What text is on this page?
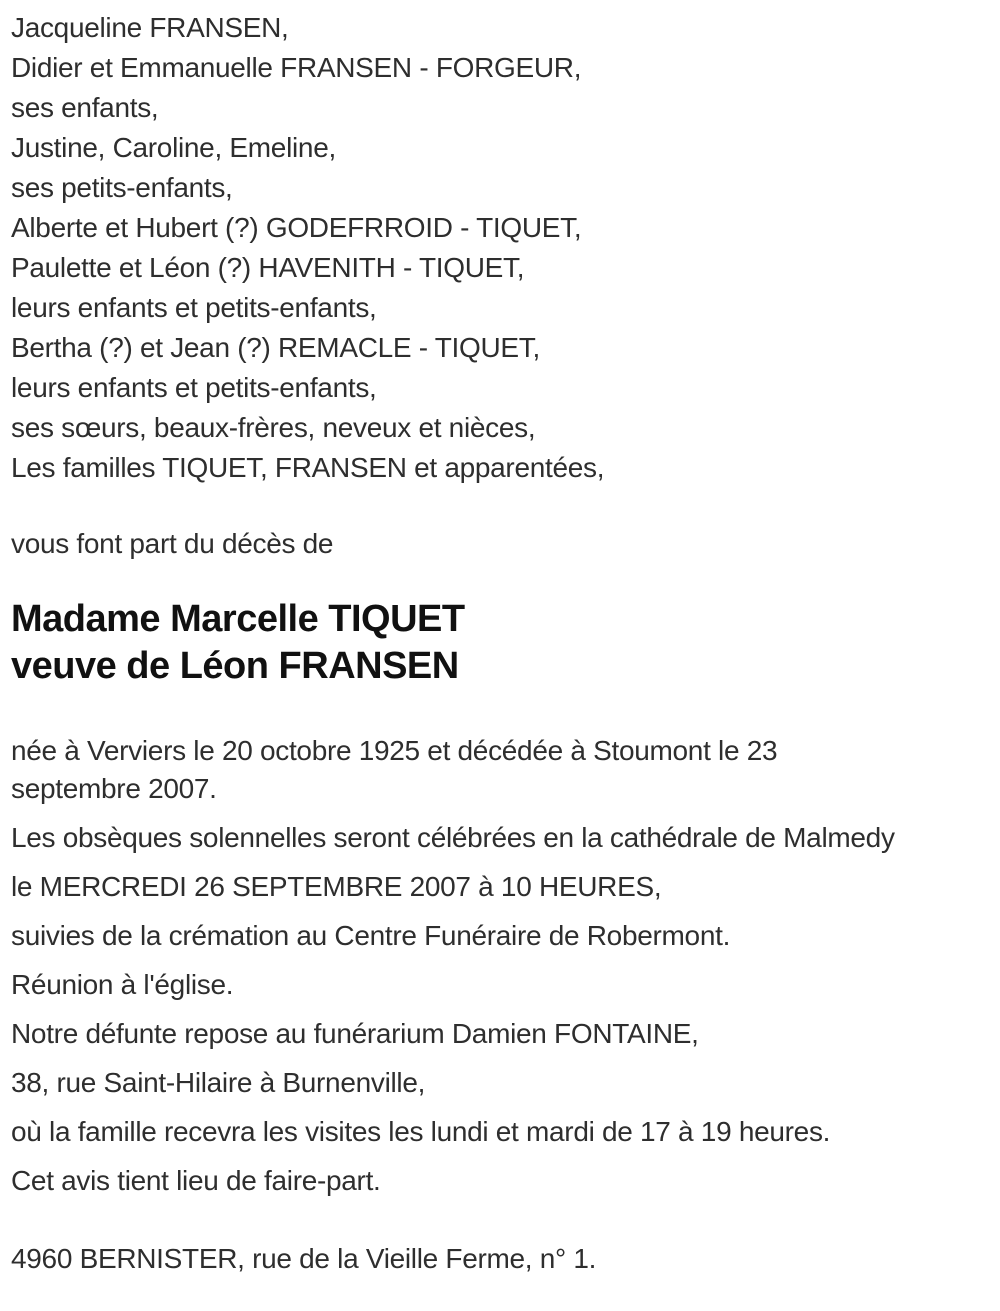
Jacqueline FRANSEN,
Didier et Emmanuelle FRANSEN - FORGEUR,
ses enfants,
Justine, Caroline, Emeline,
ses petits-enfants,
Alberte et Hubert (?) GODEFRROID - TIQUET,
Paulette et Léon (?) HAVENITH - TIQUET,
leurs enfants et petits-enfants,
Bertha (?) et Jean (?) REMACLE - TIQUET,
leurs enfants et petits-enfants,
ses sœurs, beaux-frères, neveux et nièces,
Les familles TIQUET, FRANSEN et apparentées,
vous font part du décès de
Madame Marcelle TIQUET
veuve de Léon FRANSEN

née à Verviers le 20 octobre 1925 et décédée à Stoumont le 23 septembre 2007.

Les obsèques solennelles seront célébrées en la cathédrale de Malmedy

le MERCREDI 26 SEPTEMBRE 2007 à 10 HEURES,

suivies de la crémation au Centre Funéraire de Robermont.

Réunion à l'église.

Notre défunte repose au funérarium Damien FONTAINE,

38, rue Saint-Hilaire à Burnenville,

où la famille recevra les visites les lundi et mardi de 17 à 19 heures.

Cet avis tient lieu de faire-part.

4960 BERNISTER, rue de la Vieille Ferme, n° 1.
